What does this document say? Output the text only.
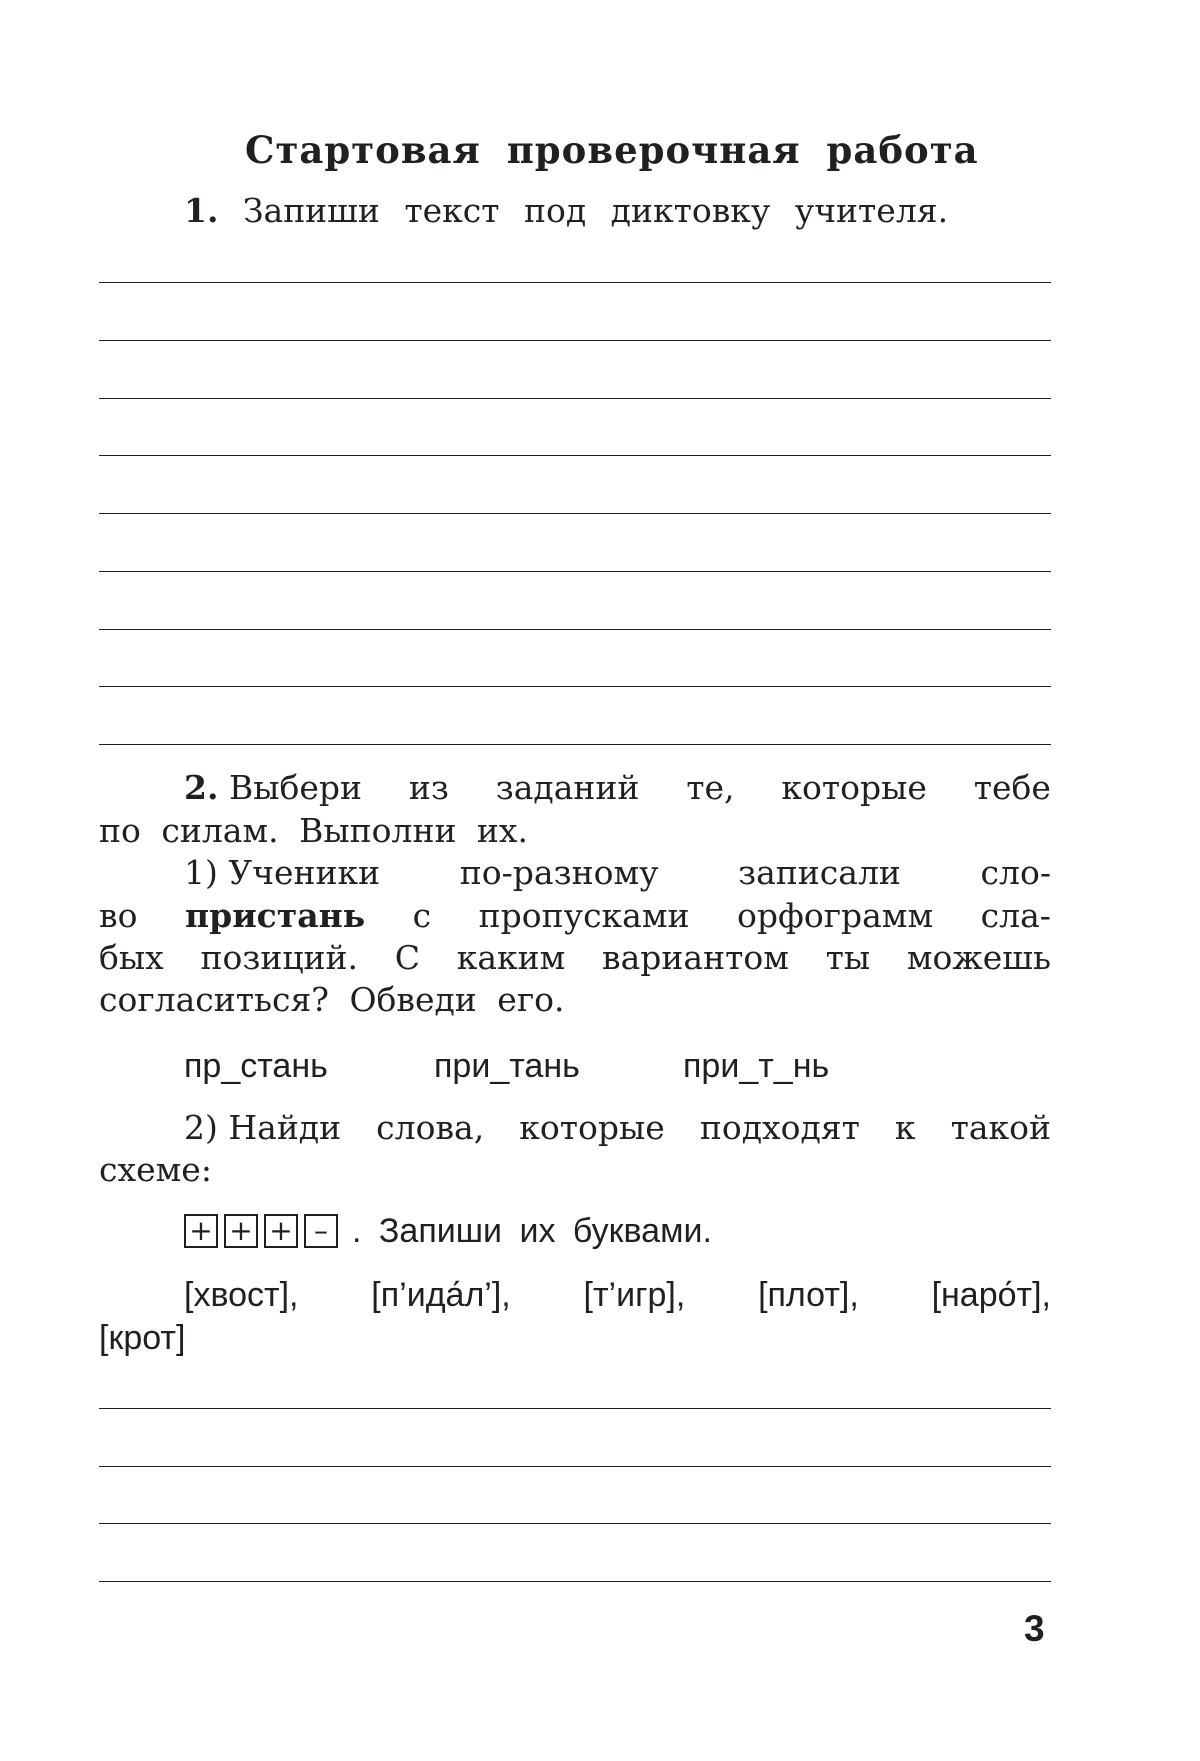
Стартовая проверочная работа
1. Запиши текст под диктовку учителя.
2. Выбери из заданий те, которые тебе
по силам. Выполни их.
1) Ученики по-разному записали сло-
во пристань с пропусками орфограмм сла-
бых позиций. С каким вариантом ты можешь
согласиться? Обведи его.
пр_стань	при_тань	при_т_нь
2) Найди слова, которые подходят к такой
схеме:
+ + + – . Запиши их буквами.
[хвост], [п’ида́л’], [т’игр], [плот], [наро́т],
[крот]
3
